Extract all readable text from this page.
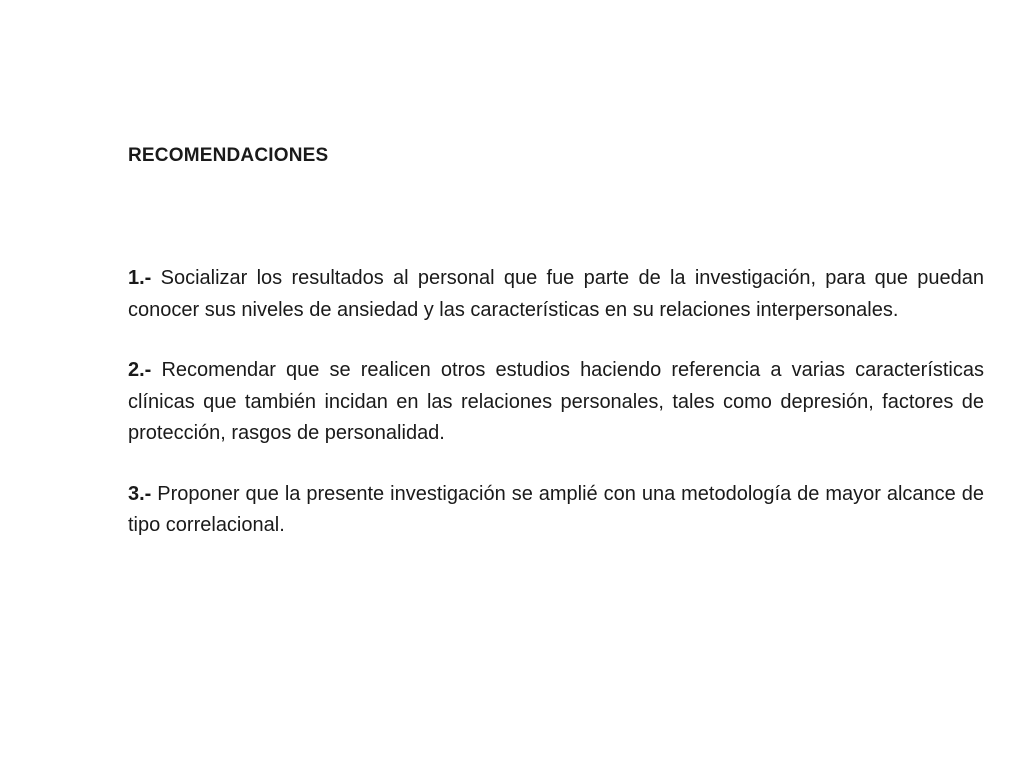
RECOMENDACIONES

1.- Socializar los resultados al personal que fue parte de la investigación, para que puedan conocer sus niveles de ansiedad y las características en su relaciones interpersonales.

2.- Recomendar que se realicen otros estudios haciendo referencia a varias características clínicas que también incidan en las relaciones personales, tales como depresión, factores de protección, rasgos de personalidad.

3.- Proponer que la presente investigación se amplié con una metodología de mayor alcance de tipo correlacional.
